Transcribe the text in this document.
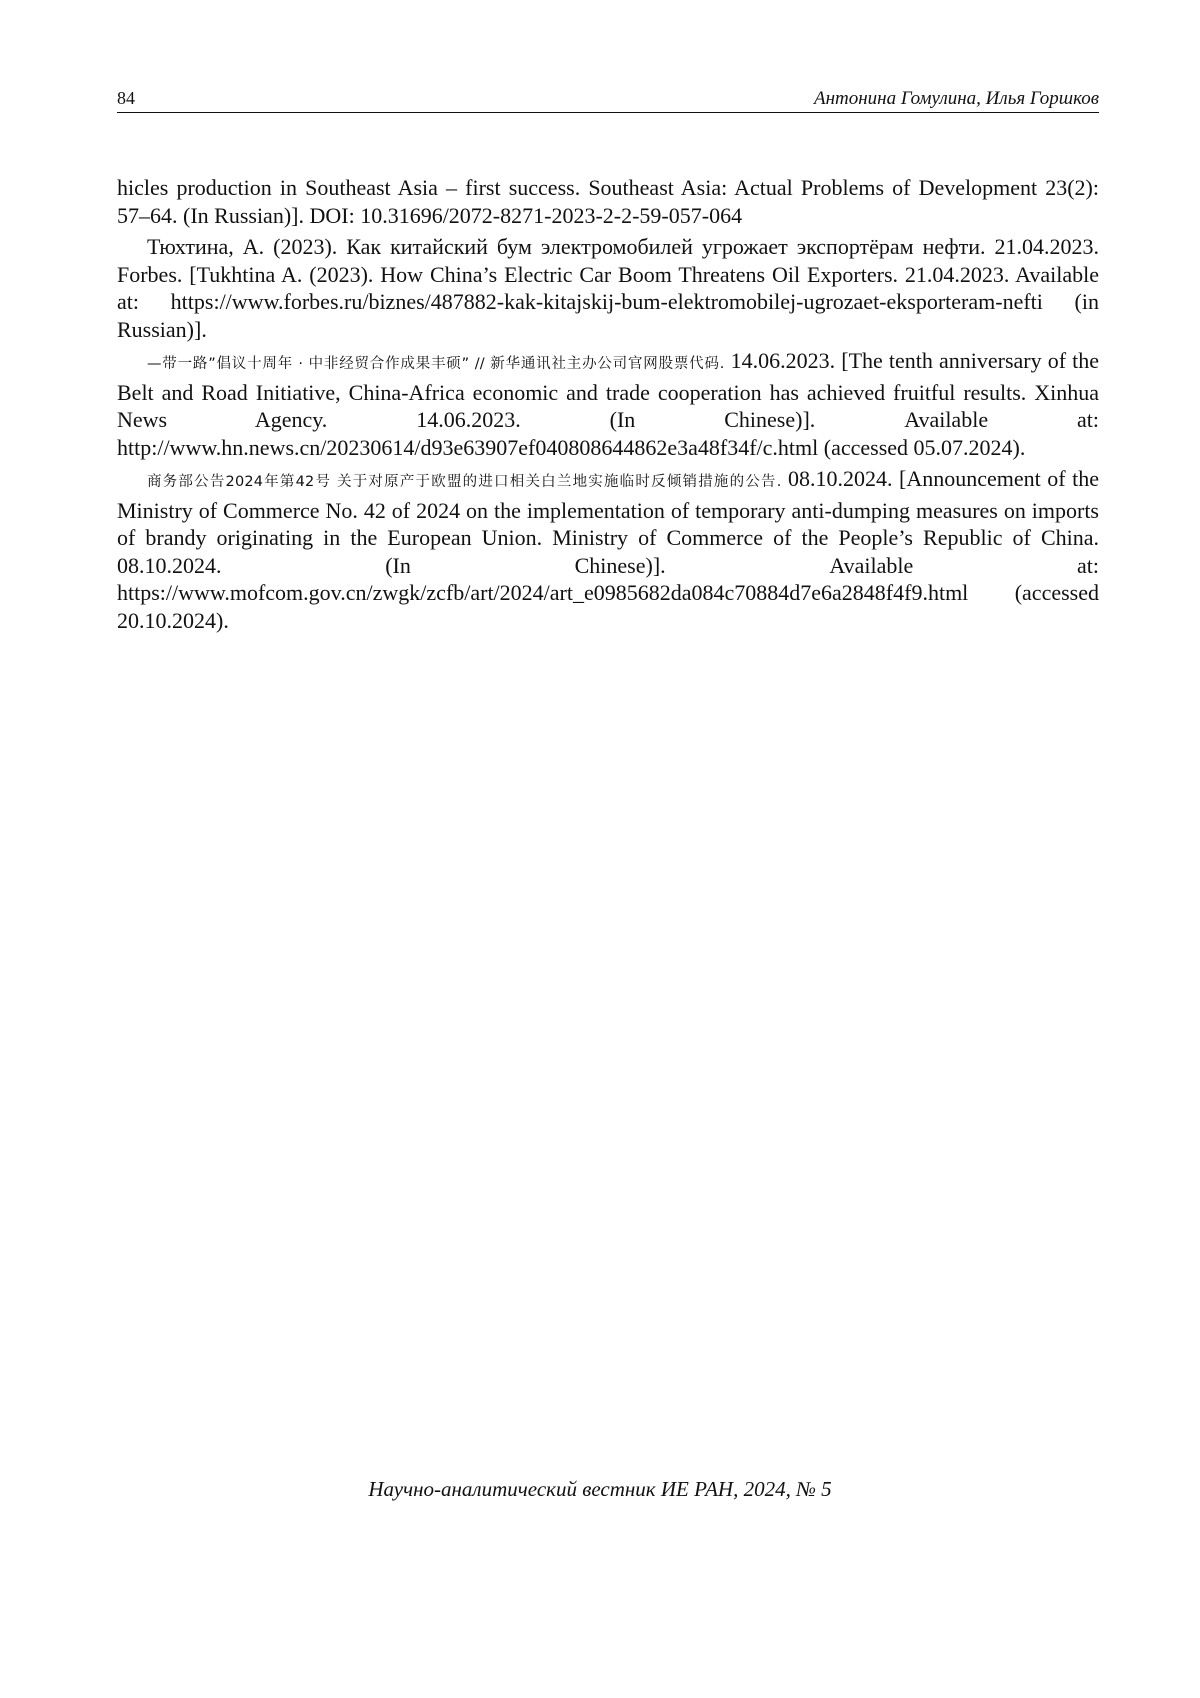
84	Антонина Гомулина, Илья Горшков

hicles production in Southeast Asia – first success. Southeast Asia: Actual Problems of Development 23(2): 57–64. (In Russian)]. DOI: 10.31696/2072-8271-2023-2-2-59-057-064

Тюхтина, А. (2023). Как китайский бум электромобилей угрожает экспортёрам нефти. 21.04.2023. Forbes. [Tukhtina A. (2023). How China’s Electric Car Boom Threatens Oil Exporters. 21.04.2023. Available at: https://www.forbes.ru/biznes/487882-kak-kitajskij-bum-elektromobilej-ugrozaet-eksporteram-nefti (in Russian)].

—带一路”倡议十周年 · 中非经贸合作成果丰硕” // 新华通讯社主办公司官网股票代码. 14.06.2023. [The tenth anniversary of the Belt and Road Initiative, China-Africa economic and trade cooperation has achieved fruitful results. Xinhua News Agency. 14.06.2023. (In Chinese)]. Available at: http://www.hn.news.cn/20230614/d93e63907ef040808644862e3a48f34f/c.html (accessed 05.07.2024).

商务部公告2024年第42号 关于对原产于欧盟的进口相关白兰地实施临时反倾销措施的公告. 08.10.2024. [Announcement of the Ministry of Commerce No. 42 of 2024 on the implementation of temporary anti-dumping measures on imports of brandy originating in the European Union. Ministry of Commerce of the People’s Republic of China. 08.10.2024. (In Chinese)]. Available at: https://www.mofcom.gov.cn/zwgk/zcfb/art/2024/art_e0985682da084c70884d7e6a2848f4f9.html (accessed 20.10.2024).

Научно-аналитический вестник ИЕ РАН, 2024, № 5
